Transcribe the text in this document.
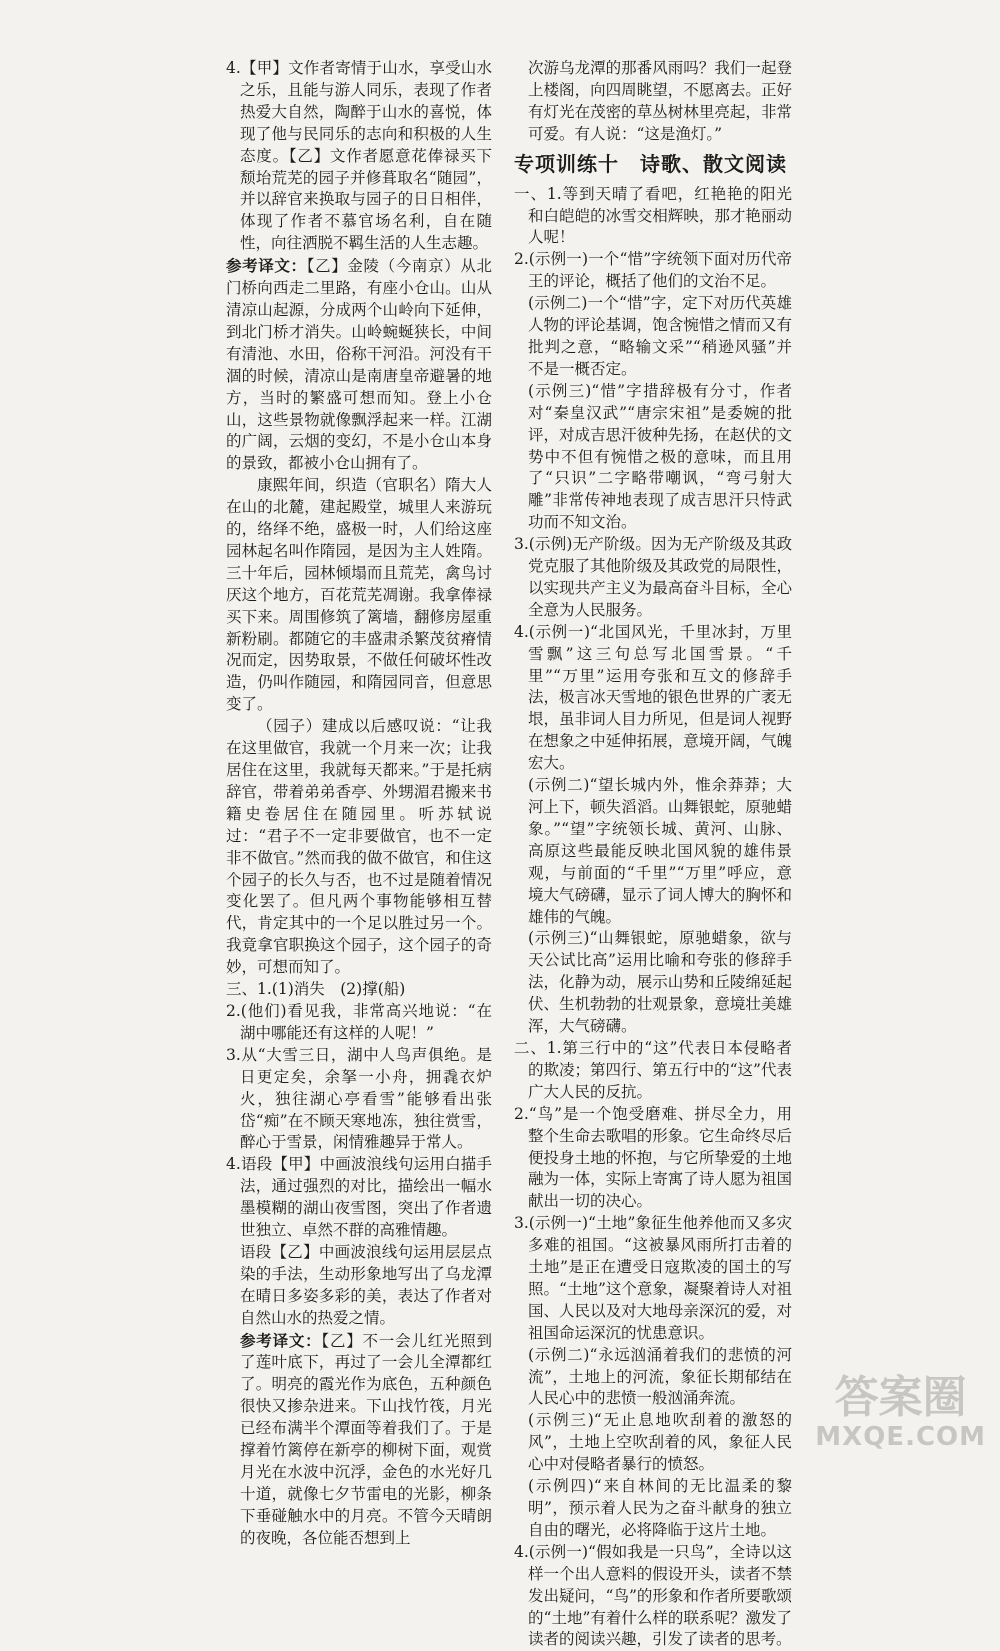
4.【甲】文作者寄情于山水，享受山水之乐，且能与游人同乐，表现了作者热爱大自然，陶醉于山水的喜悦，体现了他与民同乐的志向和积极的人生态度。【乙】文作者愿意花俸禄买下颓坮荒芜的园子并修葺取名“随园”，并以辞官来换取与园子的日日相伴，体现了作者不慕官场名利，自在随性，向往洒脱不羁生活的人生志趣。

参考译文：【乙】金陵（今南京）从北门桥向西走二里路，有座小仓山。山从清凉山起源，分成两个山岭向下延伸，到北门桥才消失。山岭蜿蜒狭长，中间有清池、水田，俗称干河沿。河没有干涸的时候，清凉山是南唐皇帝避暑的地方，当时的繁盛可想而知。登上小仓山，这些景物就像飘浮起来一样。江湖的广阔，云烟的变幻，不是小仓山本身的景致，都被小仓山拥有了。

康熙年间，织造（官职名）隋大人在山的北麓，建起殿堂，城里人来游玩的，络绎不绝，盛极一时，人们给这座园林起名叫作隋园，是因为主人姓隋。三十年后，园林倾塌而且荒芜，禽鸟讨厌这个地方，百花荒芜凋谢。我拿俸禄买下来。周围修筑了篱墙，翻修房屋重新粉刷。都随它的丰盛肃杀繁茂贫瘠情况而定，因势取景，不做任何破坏性改造，仍叫作随园，和隋园同音，但意思变了。

（园子）建成以后感叹说：“让我在这里做官，我就一个月来一次；让我居住在这里，我就每天都来。”于是托病辞官，带着弟弟香亭、外甥湄君搬来书籍史卷居住在随园里。听苏轼说过：“君子不一定非要做官，也不一定非不做官。”然而我的做不做官，和住这个园子的长久与否，也不过是随着情况变化罢了。但凡两个事物能够相互替代，肯定其中的一个足以胜过另一个。我竟拿官职换这个园子，这个园子的奇妙，可想而知了。

三、1.(1)消失　(2)撑(船)

2.(他们)看见我，非常高兴地说：“在湖中哪能还有这样的人呢！”

3.从“大雪三日，湖中人鸟声俱绝。是日更定矣，余拏一小舟，拥毳衣炉火，独往湖心亭看雪”能够看出张岱“痴”在不顾天寒地冻，独往赏雪，醉心于雪景，闲情雅趣异于常人。

4.语段【甲】中画波浪线句运用白描手法，通过强烈的对比，描绘出一幅水墨模糊的湖山夜雪图，突出了作者遗世独立、卓然不群的高雅情趣。

语段【乙】中画波浪线句运用层层点染的手法，生动形象地写出了乌龙潭在晴日多姿多彩的美，表达了作者对自然山水的热爱之情。

参考译文：【乙】不一会儿红光照到了莲叶底下，再过了一会儿全潭都红了。明亮的霞光作为底色，五种颜色很快又掺杂进来。下山找竹筏，月光已经布满半个潭面等着我们了。于是撑着竹篱停在新亭的柳树下面，观赏月光在水波中沉浮，金色的水光好几十道，就像七夕节雷电的光影，柳条下垂碰触水中的月亮。不管今天晴朗的夜晚，各位能否想到上

次游乌龙潭的那番风雨吗？我们一起登上楼阁，向四周眺望，不愿离去。正好有灯光在茂密的草丛树林里亮起，非常可爱。有人说：“这是渔灯。”

专项训练十　诗歌、散文阅读

一、1.等到天晴了看吧，红艳艳的阳光和白皑皑的冰雪交相辉映，那才艳丽动人呢！

2.(示例一)一个“惜”字统领下面对历代帝王的评论，概括了他们的文治不足。

(示例二)一个“惜”字，定下对历代英雄人物的评论基调，饱含惋惜之情而又有批判之意，“略输文采”“稍逊风骚”并不是一概否定。

(示例三)“惜”字措辞极有分寸，作者对“秦皇汉武”“唐宗宋祖”是委婉的批评，对成吉思汗彼种先扬，在赵伏的文势中不但有惋惜之极的意味，而且用了“只识”二字略带嘲讽，“弯弓射大雕”非常传神地表现了成吉思汗只恃武功而不知文治。

3.(示例)无产阶级。因为无产阶级及其政党克服了其他阶级及其政党的局限性，以实现共产主义为最高奋斗目标，全心全意为人民服务。

4.(示例一)“北国风光，千里冰封，万里雪飘”这三句总写北国雪景。“千里”“万里”运用夸张和互文的修辞手法，极言冰天雪地的银色世界的广袤无垠，虽非词人目力所见，但是词人视野在想象之中延伸拓展，意境开阔，气魄宏大。

(示例二)“望长城内外，惟余莽莽；大河上下，顿失滔滔。山舞银蛇，原驰蜡象。”“望”字统领长城、黄河、山脉、高原这些最能反映北国风貌的雄伟景观，与前面的“千里”“万里”呼应，意境大气磅礴，显示了词人博大的胸怀和雄伟的气魄。

(示例三)“山舞银蛇，原驰蜡象，欲与天公试比高”运用比喻和夸张的修辞手法，化静为动，展示山势和丘陵绵延起伏、生机勃勃的壮观景象，意境壮美雄浑，大气磅礴。

二、1.第三行中的“这”代表日本侵略者的欺凌；第四行、第五行中的“这”代表广大人民的反抗。

2.“鸟”是一个饱受磨难、拼尽全力，用整个生命去歌唱的形象。它生命终尽后便投身土地的怀抱，与它所挚爱的土地融为一体，实际上寄寓了诗人愿为祖国献出一切的决心。

3.(示例一)“土地”象征生他养他而又多灾多难的祖国。“这被暴风雨所打击着的土地”是正在遭受日寇欺凌的国土的写照。“土地”这个意象，凝聚着诗人对祖国、人民以及对大地母亲深沉的爱，对祖国命运深沉的忧患意识。

(示例二)“永远汹涌着我们的悲愤的河流”，土地上的河流，象征长期郁结在人民心中的悲愤一般汹涌奔流。

(示例三)“无止息地吹刮着的激怒的风”，土地上空吹刮着的风，象征人民心中对侵略者暴行的愤怒。

(示例四)“来自林间的无比温柔的黎明”，预示着人民为之奋斗献身的独立自由的曙光，必将降临于这片土地。

4.(示例一)“假如我是一只鸟”，全诗以这样一个出人意料的假设开头，读者不禁发出疑问，“鸟”的形象和作者所要歌颂的“土地”有着什么样的联系呢？激发了读者的阅读兴趣，引发了读者的思考。

答案圈
MXQE.COM
